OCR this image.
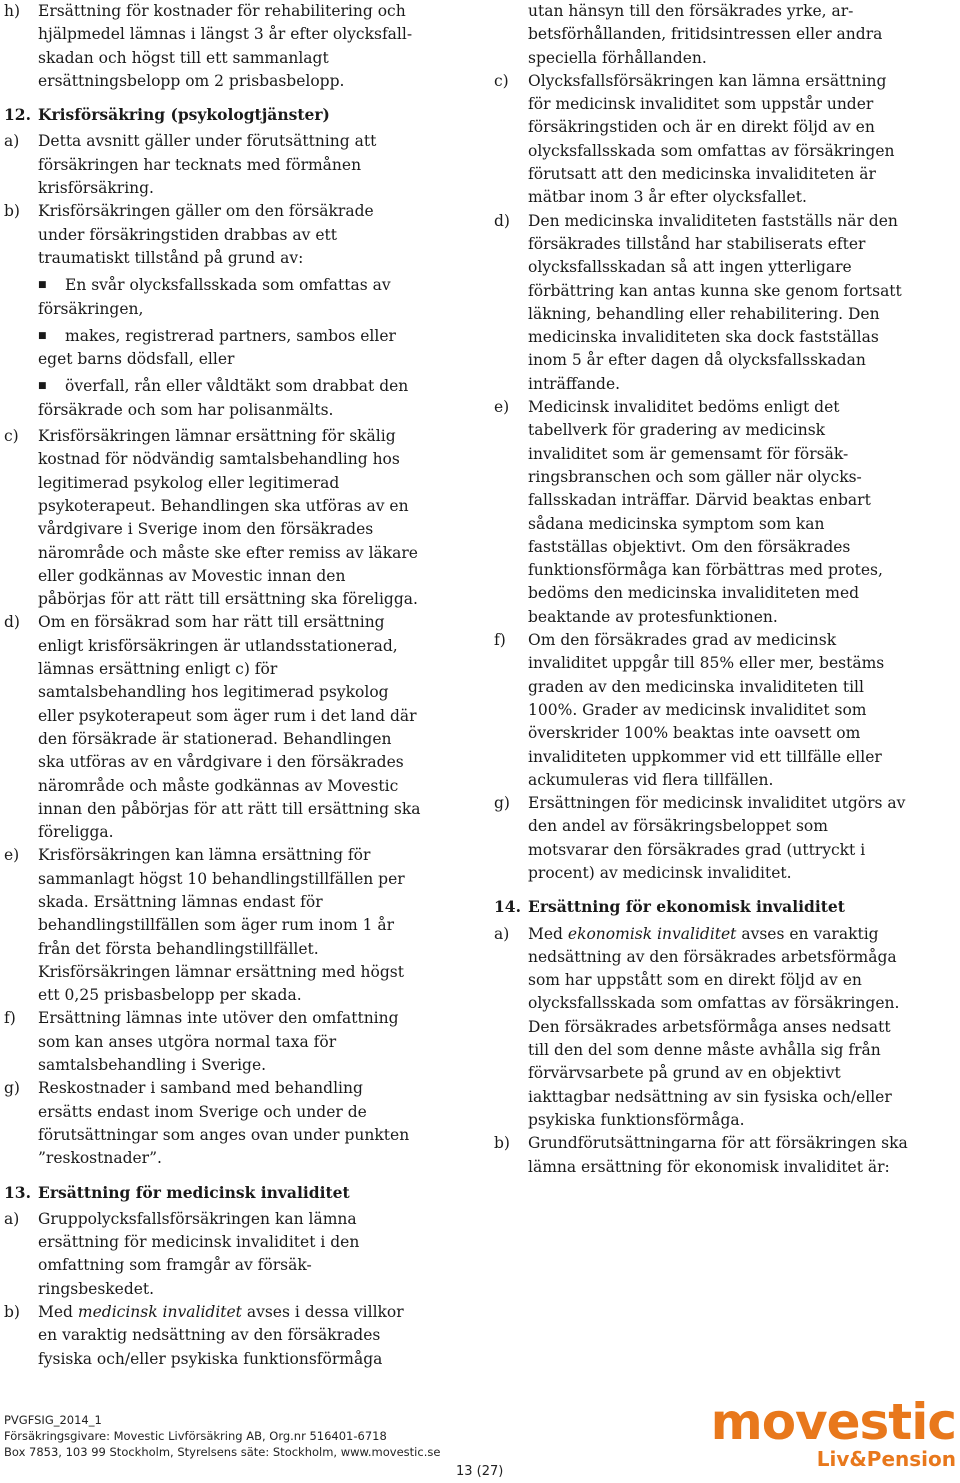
h)	Ersättning för kostnader för rehabilitering och
hjälpmedel lämnas i längst 3 år efter olycksfall-
skadan och högst till ett sammanlagt
ersättningsbelopp om 2 prisbasbelopp.
12. Krisförsäkring (psykologtjänster)
a)	Detta avsnitt gäller under förutsättning att
försäkringen har tecknats med förmånen
krisförsäkring.
b)	Krisförsäkringen gäller om den försäkrade
under försäkringstiden drabbas av ett
traumatiskt tillstånd på grund av:
■	En svår olycksfallsskada som omfattas av
försäkringen,
■	makes, registrerad partners, sambos eller
eget barns dödsfall, eller
■	överfall, rån eller våldtäkt som drabbat den
försäkrade och som har polisanmälts.
c)	Krisförsäkringen lämnar ersättning för skälig
kostnad för nödvändig samtalsbehandling hos
legitimerad psykolog eller legitimerad
psykoterapeut. Behandlingen ska utföras av en
vårdgivare i Sverige inom den försäkrades
närområde och måste ske efter remiss av läkare
eller godkännas av Movestic innan den
påbörjas för att rätt till ersättning ska föreligga.
d)	Om en försäkrad som har rätt till ersättning
enligt krisförsäkringen är utlandsstationerad,
lämnas ersättning enligt c) för
samtalsbehandling hos legitimerad psykolog
eller psykoterapeut som äger rum i det land där
den försäkrade är stationerad. Behandlingen
ska utföras av en vårdgivare i den försäkrades
närområde och måste godkännas av Movestic
innan den påbörjas för att rätt till ersättning ska
föreligga.
e)	Krisförsäkringen kan lämna ersättning för
sammanlagt högst 10 behandlingstillfällen per
skada. Ersättning lämnas endast för
behandlingstillfällen som äger rum inom 1 år
från det första behandlingstillfället.
Krisförsäkringen lämnar ersättning med högst
ett 0,25 prisbasbelopp per skada.
f)	Ersättning lämnas inte utöver den omfattning
som kan anses utgöra normal taxa för
samtalsbehandling i Sverige.
g)	Reskostnader i samband med behandling
ersätts endast inom Sverige och under de
förutsättningar som anges ovan under punkten
”reskostnader”.
13. Ersättning för medicinsk invaliditet
a)	Gruppolycksfallsförsäkringen kan lämna
ersättning för medicinsk invaliditet i den
omfattning som framgår av försäk-
ringsbeskedet.
b)	Med medicinsk invaliditet avses i dessa villkor
en varaktig nedsättning av den försäkrades
fysiska och/eller psykiska funktionsförmåga
utan hänsyn till den försäkrades yrke, ar-
betsförhållanden, fritidsintressen eller andra
speciella förhållanden.
c)	Olycksfallsförsäkringen kan lämna ersättning
för medicinsk invaliditet som uppstår under
försäkringstiden och är en direkt följd av en
olycksfallsskada som omfattas av försäkringen
förutsatt att den medicinska invaliditeten är
mätbar inom 3 år efter olycksfallet.
d)	Den medicinska invaliditeten fastställs när den
försäkrades tillstånd har stabiliserats efter
olycksfallsskadan så att ingen ytterligare
förbättring kan antas kunna ske genom fortsatt
läkning, behandling eller rehabilitering. Den
medicinska invaliditeten ska dock fastställas
inom 5 år efter dagen då olycksfallsskadan
inträffande.
e)	Medicinsk invaliditet bedöms enligt det
tabellverk för gradering av medicinsk
invaliditet som är gemensamt för försäk-
ringsbranschen och som gäller när olycks-
fallsskadan inträffar. Därvid beaktas enbart
sådana medicinska symptom som kan
fastställas objektivt. Om den försäkrades
funktionsförmåga kan förbättras med protes,
bedöms den medicinska invaliditeten med
beaktande av protesfunktionen.
f)	Om den försäkrades grad av medicinsk
invaliditet uppgår till 85% eller mer, bestäms
graden av den medicinska invaliditeten till
100%. Grader av medicinsk invaliditet som
överskrider 100% beaktas inte oavsett om
invaliditeten uppkommer vid ett tillfälle eller
ackumuleras vid flera tillfällen.
g)	Ersättningen för medicinsk invaliditet utgörs av
den andel av försäkringsbeloppet som
motsvarar den försäkrades grad (uttryckt i
procent) av medicinsk invaliditet.
14. Ersättning för ekonomisk invaliditet
a)	Med ekonomisk invaliditet avses en varaktig
nedsättning av den försäkrades arbetsförmåga
som har uppstått som en direkt följd av en
olycksfallsskada som omfattas av försäkringen.
Den försäkrades arbetsförmåga anses nedsatt
till den del som denne måste avhålla sig från
förvärvsarbete på grund av en objektivt
iakttagbar nedsättning av sin fysiska och/eller
psykiska funktionsförmåga.
b)	Grundförutsättningarna för att försäkringen ska
lämna ersättning för ekonomisk invaliditet är:
PVGFSIG_2014_1
Försäkringsgivare: Movestic Livförsäkring AB, Org.nr 516401-6718
Box 7853, 103 99 Stockholm, Styrelsens säte: Stockholm, www.movestic.se
13 (27)
movestic
Liv&Pension
